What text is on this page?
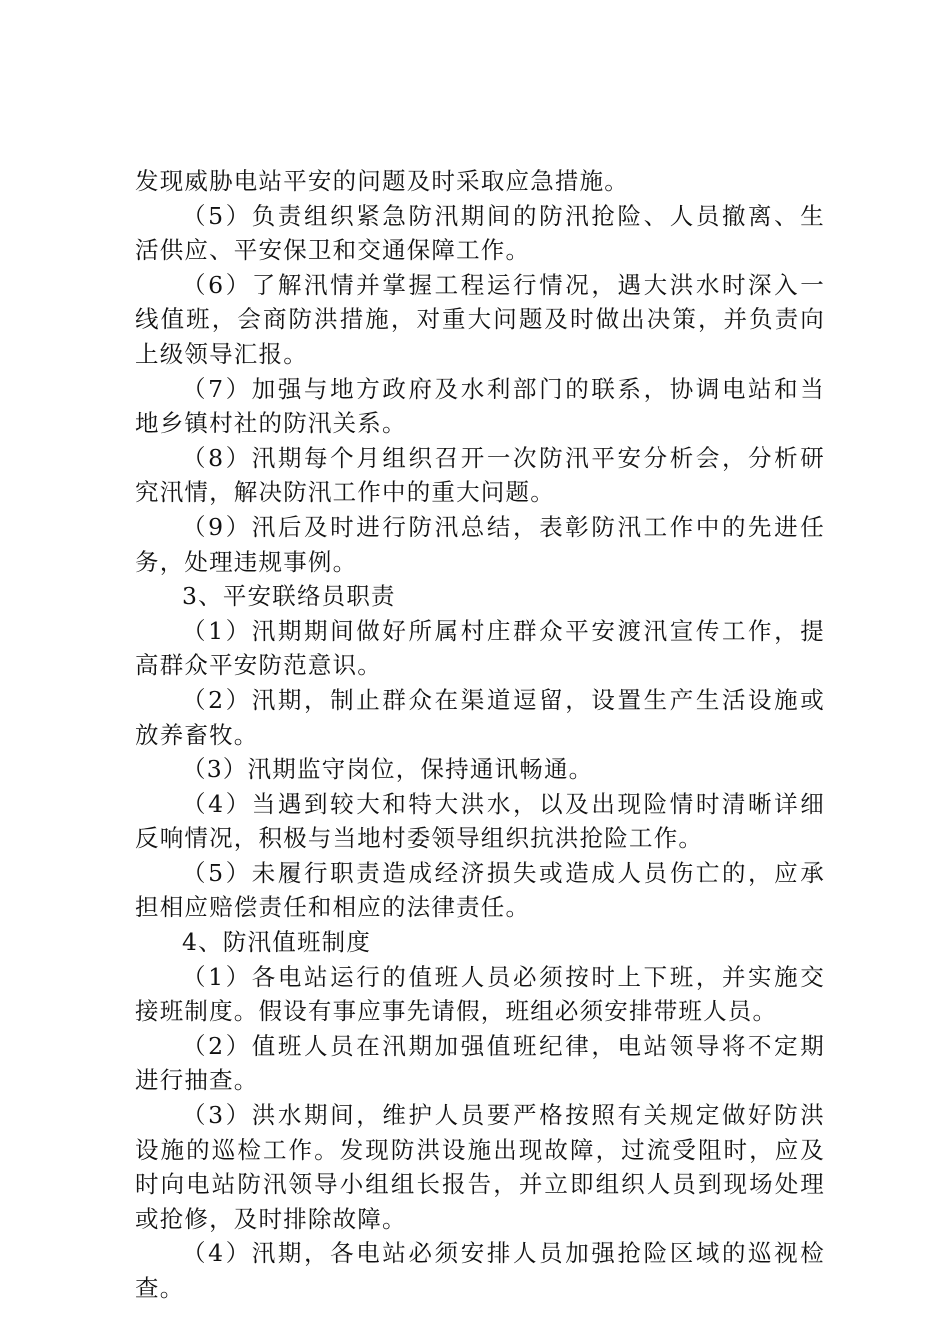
发现威胁电站平安的问题及时采取应急措施。
（5）负责组织紧急防汛期间的防汛抢险、人员撤离、生
活供应、平安保卫和交通保障工作。
（6）了解汛情并掌握工程运行情况，遇大洪水时深入一
线值班，会商防洪措施，对重大问题及时做出决策，并负责向
上级领导汇报。
（7）加强与地方政府及水利部门的联系，协调电站和当
地乡镇村社的防汛关系。
（8）汛期每个月组织召开一次防汛平安分析会，分析研
究汛情，解决防汛工作中的重大问题。
（9）汛后及时进行防汛总结，表彰防汛工作中的先进任
务，处理违规事例。
3、平安联络员职责
（1）汛期期间做好所属村庄群众平安渡汛宣传工作，提
高群众平安防范意识。
（2）汛期，制止群众在渠道逗留，设置生产生活设施或
放养畜牧。
（3）汛期监守岗位，保持通讯畅通。
（4）当遇到较大和特大洪水，以及出现险情时清晰详细
反响情况，积极与当地村委领导组织抗洪抢险工作。
（5）未履行职责造成经济损失或造成人员伤亡的，应承
担相应赔偿责任和相应的法律责任。
4、防汛值班制度
（1）各电站运行的值班人员必须按时上下班，并实施交
接班制度。假设有事应事先请假，班组必须安排带班人员。
（2）值班人员在汛期加强值班纪律，电站领导将不定期
进行抽查。
（3）洪水期间，维护人员要严格按照有关规定做好防洪
设施的巡检工作。发现防洪设施出现故障，过流受阻时，应及
时向电站防汛领导小组组长报告，并立即组织人员到现场处理
或抢修，及时排除故障。
（4）汛期，各电站必须安排人员加强抢险区域的巡视检
查。
